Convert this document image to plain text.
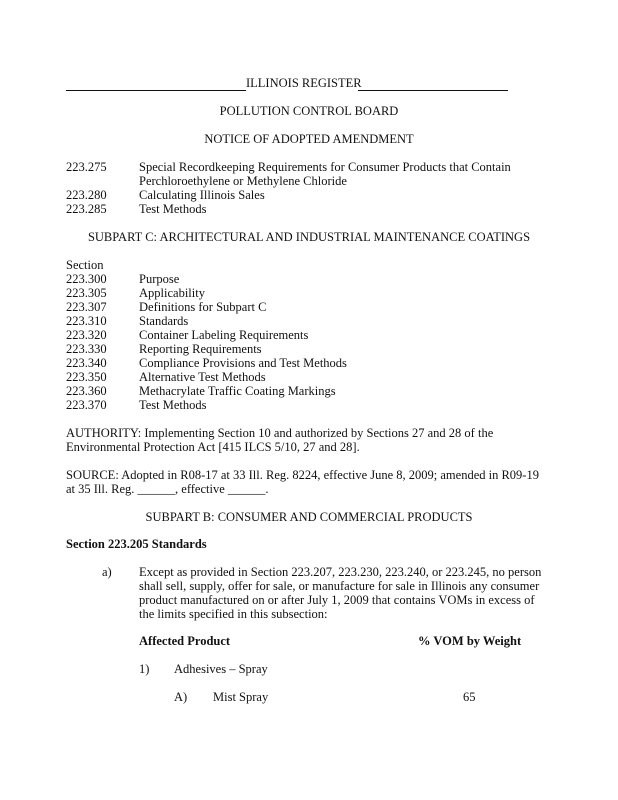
ILLINOIS REGISTER
POLLUTION CONTROL BOARD
NOTICE OF ADOPTED AMENDMENT
223.275	Special Recordkeeping Requirements for Consumer Products that Contain
Perchloroethylene or Methylene Chloride
223.280	Calculating Illinois Sales
223.285	Test Methods
SUBPART C: ARCHITECTURAL AND INDUSTRIAL MAINTENANCE COATINGS
Section
223.300	Purpose
223.305	Applicability
223.307	Definitions for Subpart C
223.310	Standards
223.320	Container Labeling Requirements
223.330	Reporting Requirements
223.340	Compliance Provisions and Test Methods
223.350	Alternative Test Methods
223.360	Methacrylate Traffic Coating Markings
223.370	Test Methods
AUTHORITY: Implementing Section 10 and authorized by Sections 27 and 28 of the
Environmental Protection Act [415 ILCS 5/10, 27 and 28].
SOURCE: Adopted in R08-17 at 33 Ill. Reg. 8224, effective June 8, 2009; amended in R09-19
at 35 Ill. Reg. ______, effective ______.
SUBPART B: CONSUMER AND COMMERCIAL PRODUCTS
Section 223.205 Standards
a) Except as provided in Section 223.207, 223.230, 223.240, or 223.245, no person
shall sell, supply, offer for sale, or manufacture for sale in Illinois any consumer
product manufactured on or after July 1, 2009 that contains VOMs in excess of
the limits specified in this subsection:
Affected Product	% VOM by Weight
1) Adhesives – Spray
A) Mist Spray	65
